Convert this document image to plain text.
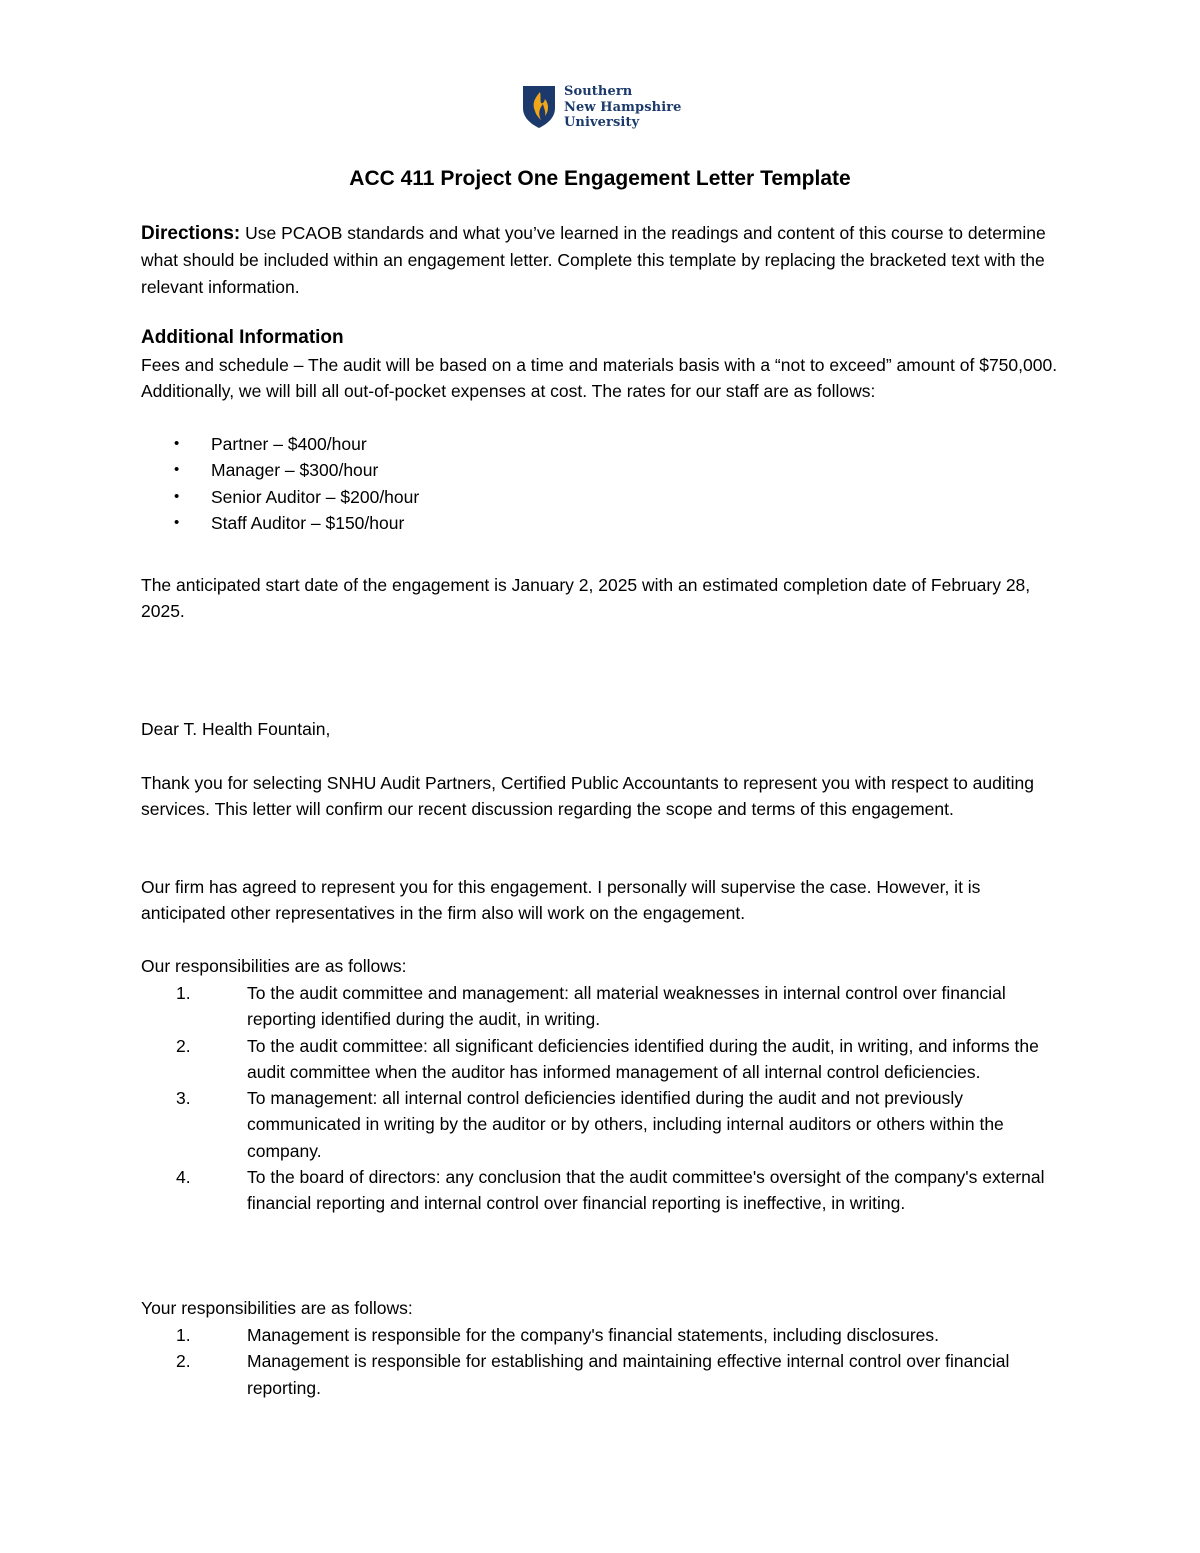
Southern
New Hampshire
University
ACC 411 Project One Engagement Letter Template

Directions: Use PCAOB standards and what you’ve learned in the readings and content of this course to determine what should be included within an engagement letter. Complete this template by replacing the bracketed text with the relevant information.

Additional Information

Fees and schedule – The audit will be based on a time and materials basis with a “not to exceed” amount of $750,000. Additionally, we will bill all out-of-pocket expenses at cost. The rates for our staff are as follows:

• Partner – $400/hour
• Manager – $300/hour
• Senior Auditor – $200/hour
• Staff Auditor – $150/hour

The anticipated start date of the engagement is January 2, 2025 with an estimated completion date of February 28, 2025.

Dear T. Health Fountain,

Thank you for selecting SNHU Audit Partners, Certified Public Accountants to represent you with respect to auditing services. This letter will confirm our recent discussion regarding the scope and terms of this engagement.

Our firm has agreed to represent you for this engagement. I personally will supervise the case. However, it is anticipated other representatives in the firm also will work on the engagement.

Our responsibilities are as follows:
1.	To the audit committee and management: all material weaknesses in internal control over financial reporting identified during the audit, in writing.
2.	To the audit committee: all significant deficiencies identified during the audit, in writing, and informs the audit committee when the auditor has informed management of all internal control deficiencies.
3.	To management: all internal control deficiencies identified during the audit and not previously communicated in writing by the auditor or by others, including internal auditors or others within the company.
4.	To the board of directors: any conclusion that the audit committee's oversight of the company's external financial reporting and internal control over financial reporting is ineffective, in writing.
Your responsibilities are as follows:
1.	Management is responsible for the company's financial statements, including disclosures.
2.	Management is responsible for establishing and maintaining effective internal control over financial reporting.
